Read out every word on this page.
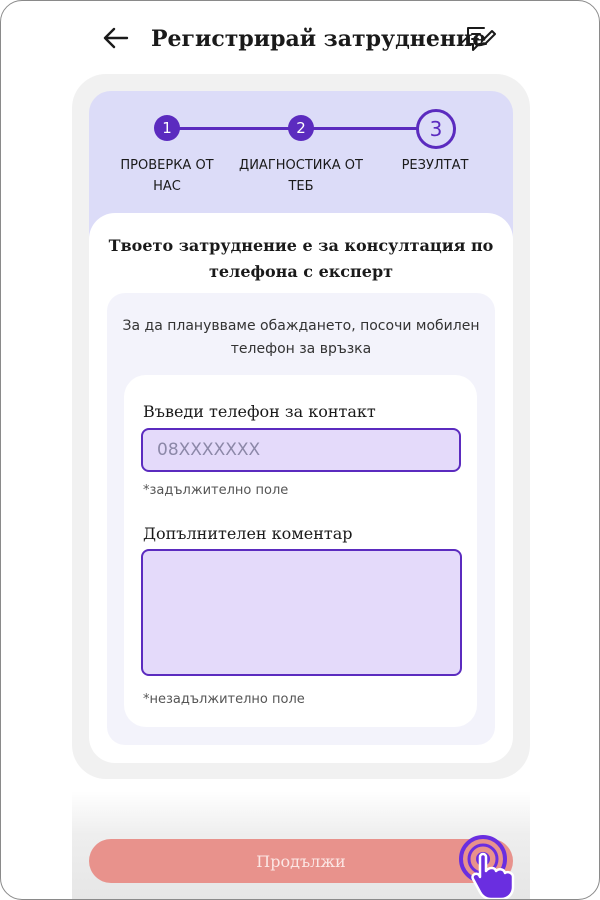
Регистрирай затруднение
1	2	3
ПРОВЕРКА ОТ НАС
ДИАГНОСТИКА ОТ ТЕБ
РЕЗУЛТАТ
Твоето затруднение е за консултация по телефона с експерт
За да планувваме обаждането, посочи мобилен телефон за връзка
Въведи телефон за контакт
08XXXXXXX
*задължително поле
Допълнителен коментар
*незадължително поле
Продължи
